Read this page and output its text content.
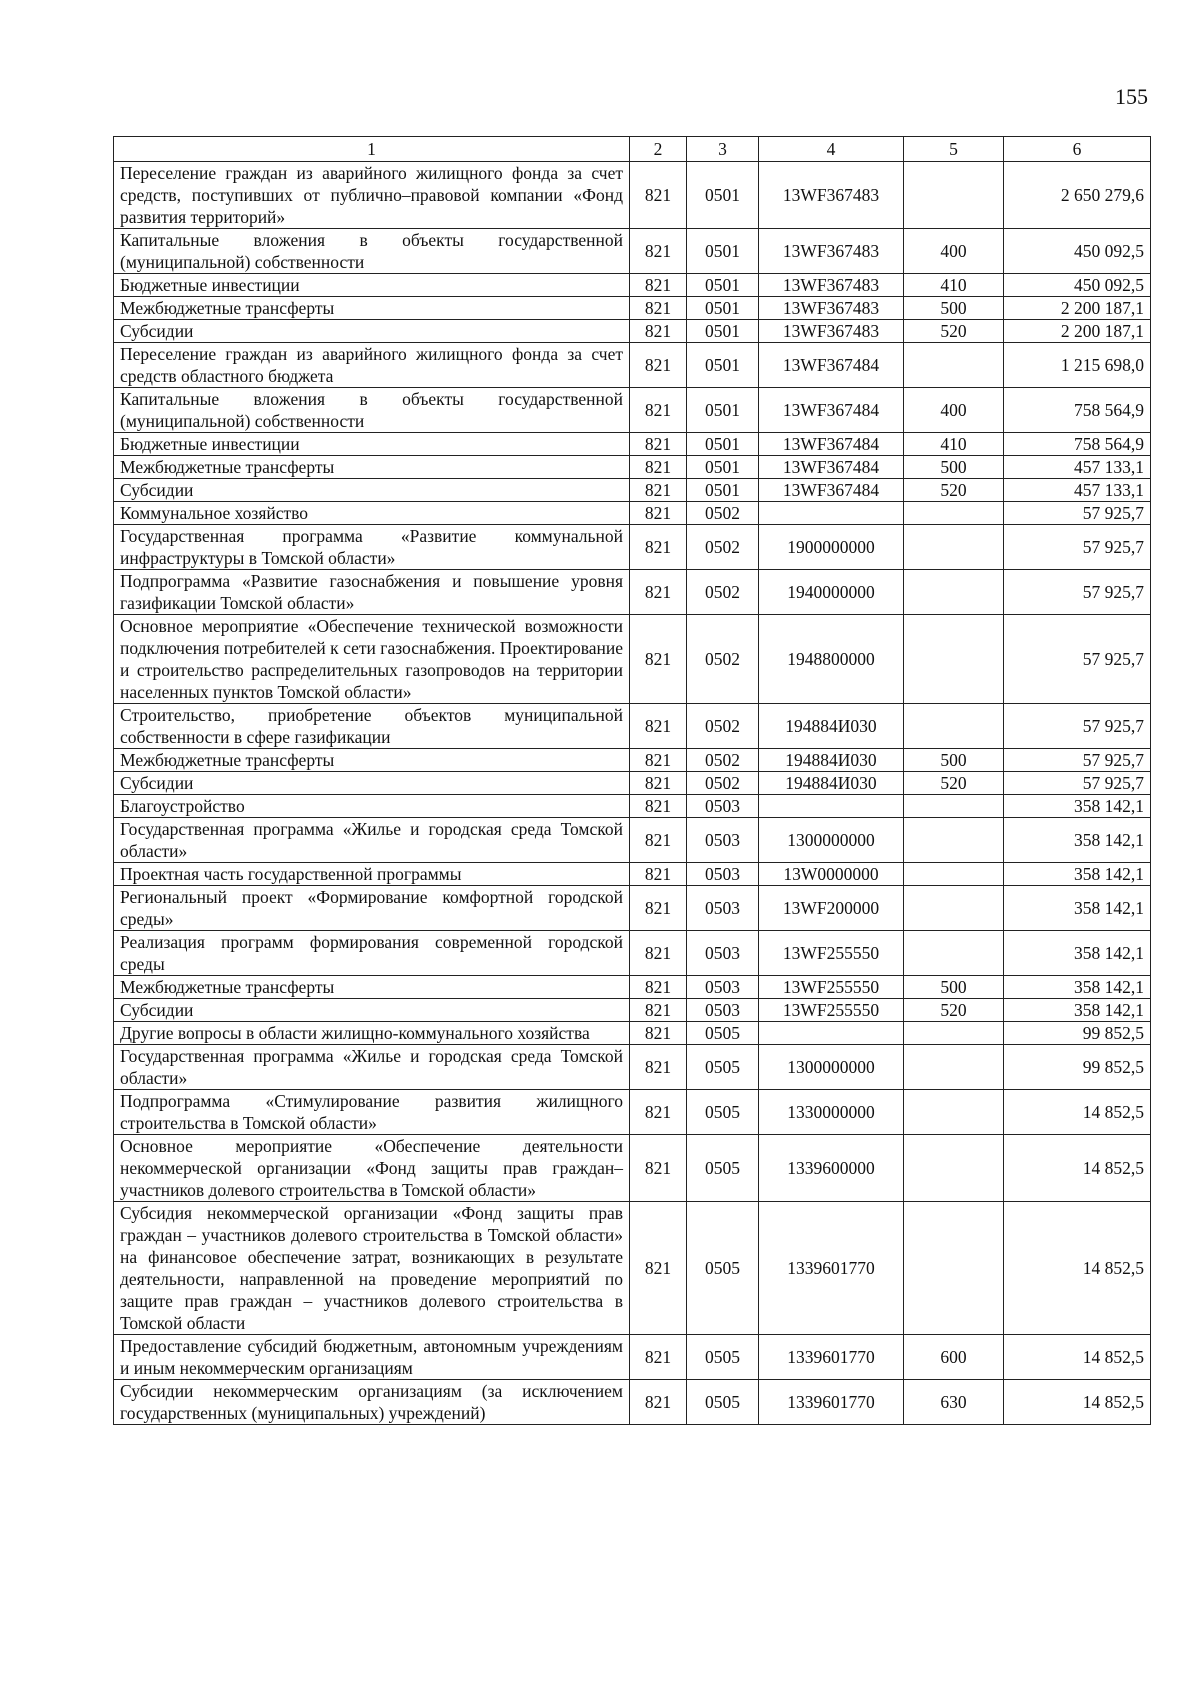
155
1	2	3	4	5	6
Переселение граждан из аварийного жилищного фонда за счет средств, поступивших от публично–правовой компании «Фонд развития территорий»	821	0501	13WF367483		2 650 279,6
Капитальные вложения в объекты государственной (муниципальной) собственности	821	0501	13WF367483	400	450 092,5
Бюджетные инвестиции	821	0501	13WF367483	410	450 092,5
Межбюджетные трансферты	821	0501	13WF367483	500	2 200 187,1
Субсидии	821	0501	13WF367483	520	2 200 187,1
Переселение граждан из аварийного жилищного фонда за счет средств областного бюджета	821	0501	13WF367484		1 215 698,0
Капитальные вложения в объекты государственной (муниципальной) собственности	821	0501	13WF367484	400	758 564,9
Бюджетные инвестиции	821	0501	13WF367484	410	758 564,9
Межбюджетные трансферты	821	0501	13WF367484	500	457 133,1
Субсидии	821	0501	13WF367484	520	457 133,1
Коммунальное хозяйство	821	0502			57 925,7
Государственная программа «Развитие коммунальной инфраструктуры в Томской области»	821	0502	1900000000		57 925,7
Подпрограмма «Развитие газоснабжения и повышение уровня газификации Томской области»	821	0502	1940000000		57 925,7
Основное мероприятие «Обеспечение технической возможности подключения потребителей к сети газоснабжения. Проектирование и строительство распределительных газопроводов на территории населенных пунктов Томской области»	821	0502	1948800000		57 925,7
Строительство, приобретение объектов муниципальной собственности в сфере газификации	821	0502	194884И030		57 925,7
Межбюджетные трансферты	821	0502	194884И030	500	57 925,7
Субсидии	821	0502	194884И030	520	57 925,7
Благоустройство	821	0503			358 142,1
Государственная программа «Жилье и городская среда Томской области»	821	0503	1300000000		358 142,1
Проектная часть государственной программы	821	0503	13W0000000		358 142,1
Региональный проект «Формирование комфортной городской среды»	821	0503	13WF200000		358 142,1
Реализация программ формирования современной городской среды	821	0503	13WF255550		358 142,1
Межбюджетные трансферты	821	0503	13WF255550	500	358 142,1
Субсидии	821	0503	13WF255550	520	358 142,1
Другие вопросы в области жилищно-коммунального хозяйства	821	0505			99 852,5
Государственная программа «Жилье и городская среда Томской области»	821	0505	1300000000		99 852,5
Подпрограмма «Стимулирование развития жилищного строительства в Томской области»	821	0505	1330000000		14 852,5
Основное мероприятие «Обеспечение деятельности некоммерческой организации «Фонд защиты прав граждан–участников долевого строительства в Томской области»	821	0505	1339600000		14 852,5
Субсидия некоммерческой организации «Фонд защиты прав граждан – участников долевого строительства в Томской области» на финансовое обеспечение затрат, возникающих в результате деятельности, направленной на проведение мероприятий по защите прав граждан – участников долевого строительства в Томской области	821	0505	1339601770		14 852,5
Предоставление субсидий бюджетным, автономным учреждениям и иным некоммерческим организациям	821	0505	1339601770	600	14 852,5
Субсидии некоммерческим организациям (за исключением государственных (муниципальных) учреждений)	821	0505	1339601770	630	14 852,5
